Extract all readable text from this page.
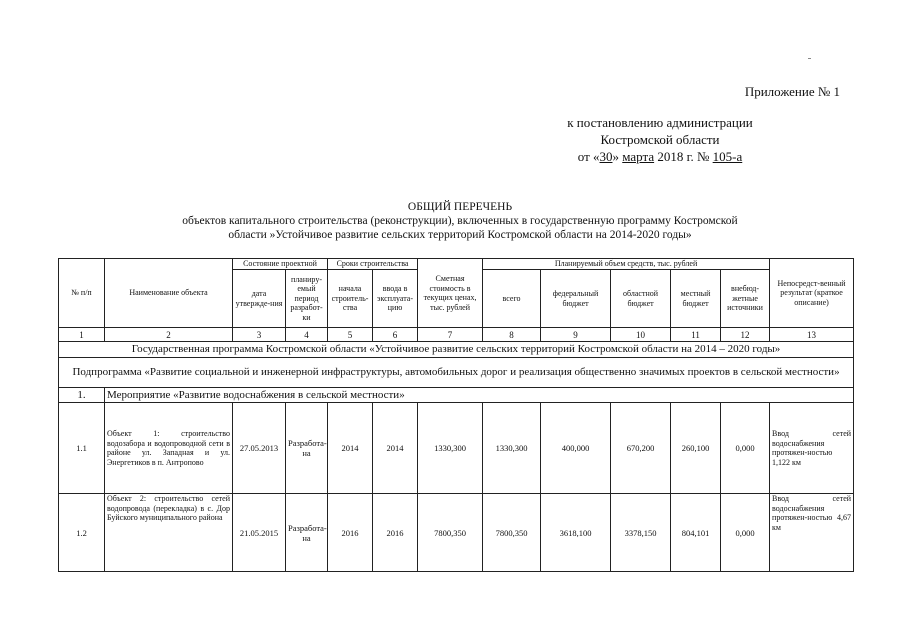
Приложение № 1
к постановлению администрации
Костромской области
от «30» марта 2018 г. № 105-а
ОБЩИЙ ПЕРЕЧЕНЬ
объектов капитального строительства (реконструкции), включенных в государственную программу Костромской
области »Устойчивое развитие сельских территорий Костромской области на 2014-2020 годы»
№ п/п	Наименование объекта	Состояние проектной		Сроки строительства		Сметная стоимость в текущих ценах, тыс. рублей	Планируемый объем средств, тыс. рублей					Непосредст-венный результат (краткое описание)
		дата утвержде-ния	планиру-емый период разработ-ки	начала строитель-ства	ввода в эксплуата-цию		всего	федеральный бюджет	областной бюджет	местный бюджет	внебюд-жетные источники	
1	2	3	4	5	6	7	8	9	10	11	12	13
Государственная программа Костромской области «Устойчивое развитие сельских территорий Костромской области на 2014 – 2020 годы»												
Подпрограмма «Развитие социальной и инженерной инфраструктуры, автомобильных дорог и реализация общественно значимых проектов в сельской местности»												
1.	Мероприятие «Развитие водоснабжения в сельской местности»											
1.1	Объект 1: строительство водозабора и водопроводной сети в районе ул. Западная и ул. Энергетиков в п. Антропово	27.05.2013	Разработа-на	2014	2014	1330,300	1330,300	400,000	670,200	260,100	0,000	Ввод сетей водоснабжения протяжен-ностью 1,122 км
1.2	Объект 2: строительство сетей водопровода (перекладка) в с. Дор Буйского муниципального района	21.05.2015	Разработа-на	2016	2016	7800,350	7800,350	3618,100	3378,150	804,101	0,000	Ввод сетей водоснабжения протяжен-ностью 4,67 км
